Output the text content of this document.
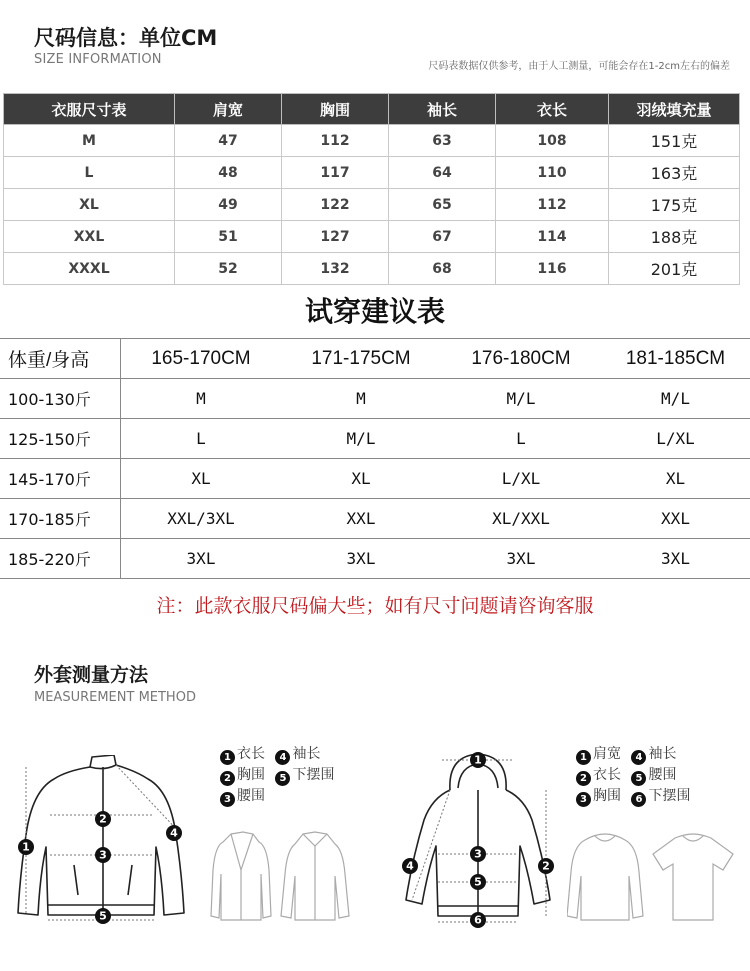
尺码信息：单位CM
SIZE INFORMATION	尺码表数据仅供参考，由于人工测量，可能会存在1-2cm左右的偏差
衣服尺寸表	肩宽	胸围	袖长	衣长	羽绒填充量
M	47	112	63	108	151克
L	48	117	64	110	163克
XL	49	122	65	112	175克
XXL	51	127	67	114	188克
XXXL	52	132	68	116	201克
试穿建议表
体重/身高	165-170CM	171-175CM	176-180CM	181-185CM
100-130斤	M	M	M/L	M/L
125-150斤	L	M/L	L	L/XL
145-170斤	XL	XL	L/XL	XL
170-185斤	XXL/3XL	XXL	XL/XXL	XXL
185-220斤	3XL	3XL	3XL	3XL
注：此款衣服尺码偏大些；如有尺寸问题请咨询客服
外套测量方法
MEASUREMENT METHOD
1
2
3
4
5
1 衣长 4 袖长
2 胸围 5 下摆围
3 腰围
1
2
3
4
5
6
1 肩宽 4 袖长
2 衣长 5 腰围
3 胸围 6 下摆围
